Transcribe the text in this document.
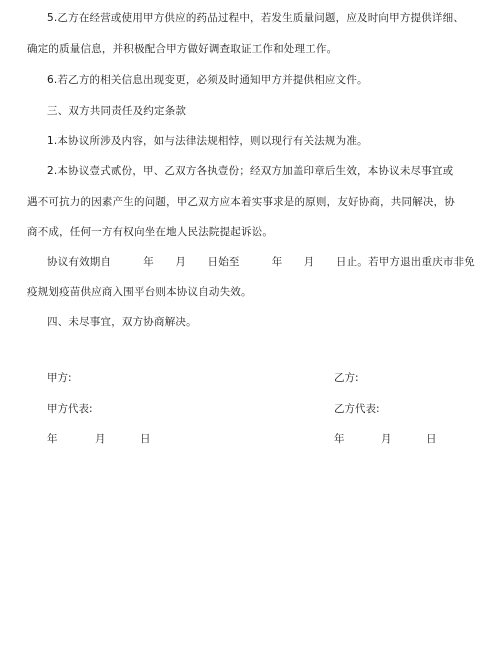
5.乙方在经营或使用甲方供应的药品过程中，若发生质量问题，应及时向甲方提供详细、
确定的质量信息，并积极配合甲方做好调查取证工作和处理工作。
6.若乙方的相关信息出现变更，必须及时通知甲方并提供相应文件。
三、双方共同责任及约定条款
1.本协议所涉及内容，如与法律法规相悖，则以现行有关法规为准。
2.本协议壹式贰份，甲、乙双方各执壹份；经双方加盖印章后生效，本协议未尽事宜或
遇不可抗力的因素产生的问题，甲乙双方应本着实事求是的原则，友好协商，共同解决，协
商不成，任何一方有权向坐在地人民法院提起诉讼。
协议有效期自　　　年　　月　　日始至　　　年　　月　　日止。若甲方退出重庆市非免
疫规划疫苗供应商入围平台则本协议自动失效。
四、未尽事宜，双方协商解决。
甲方:	乙方:
甲方代表:	乙方代表:
年	月	日	年	月	日
